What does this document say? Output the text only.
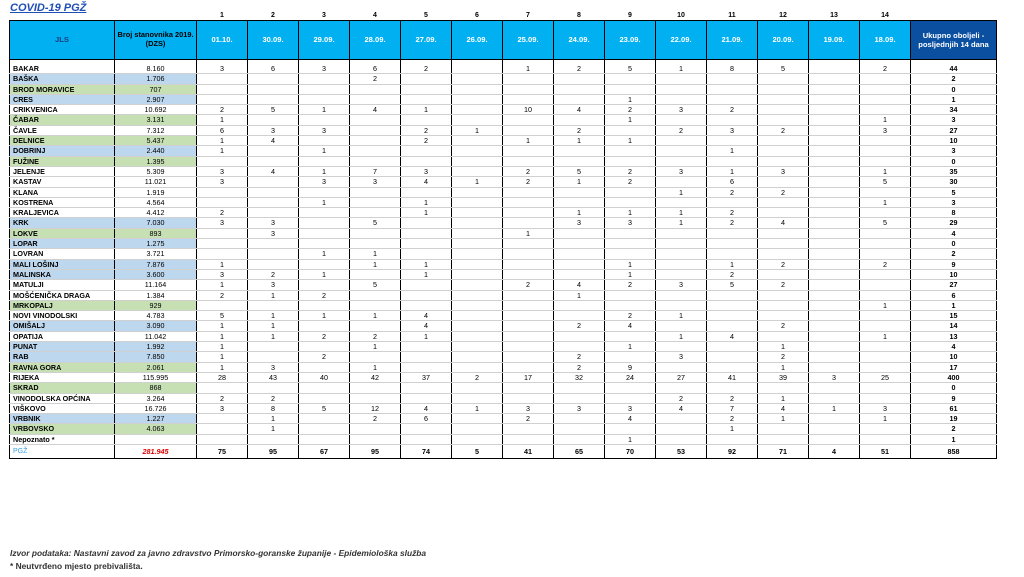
COVID-19 PGŽ
		1	2	3	4	5	6	7	8	9	10	11	12	13	14	
JLS	Broj stanovnika 2019. (DZS)	01.10.	30.09.	29.09.	28.09.	27.09.	26.09.	25.09.	24.09.	23.09.	22.09.	21.09.	20.09.	19.09.	18.09.	Ukupno oboljeli - posljednjih 14 dana

BAKAR	8.160	3	6	3	6	2		1	2	5	1	8	5		2	44
BAŠKA	1.706				2											2
BROD MORAVICE	707															0
CRES	2.907									1						1
CRIKVENICA	10.692	2	5	1	4	1		10	4	2	3	2				34
ČABAR	3.131	1								1					1	3
ČAVLE	7.312	6	3	3		2	1		2		2	3	2		3	27
DELNICE	5.437	1	4			2		1	1	1						10
DOBRINJ	2.440	1		1								1				3
FUŽINE	1.395															0
JELENJE	5.309	3	4	1	7	3		2	5	2	3	1	3		1	35
KASTAV	11.021	3		3	3	4	1	2	1	2		6			5	30
KLANA	1.919										1	2	2			5
KOSTRENA	4.564			1		1									1	3
KRALJEVICA	4.412	2				1			1	1	1	2				8
KRK	7.030	3	3		5				3	3	1	2	4		5	29
LOKVE	893		3					1								4
LOPAR	1.275															0
LOVRAN	3.721			1	1											2
MALI LOŠINJ	7.876	1			1	1				1		1	2		2	9
MALINSKA	3.600	3	2	1		1				1		2				10
MATULJI	11.164	1	3		5			2	4	2	3	5	2			27
MOŠĆENIČKA DRAGA	1.384	2	1	2					1							6
MRKOPALJ	929														1	1
NOVI VINODOLSKI	4.783	5	1	1	1	4				2	1					15
OMIŠALJ	3.090	1	1			4			2	4			2			14
OPATIJA	11.042	1	1	2	2	1					1	4			1	13
PUNAT	1.992	1			1					1			1			4
RAB	7.850	1		2					2		3		2			10
RAVNA GORA	2.061	1	3		1				2	9			1			17
RIJEKA	115.995	28	43	40	42	37	2	17	32	24	27	41	39	3	25	400
SKRAD	868															0
VINODOLSKA OPĆINA	3.264	2	2								2	2	1			9
VIŠKOVO	16.726	3	8	5	12	4	1	3	3	3	4	7	4	1	3	61
VRBNIK	1.227		1		2	6		2		4		2	1		1	19
VRBOVSKO	4.063		1									1				2
Nepoznato *										1						1
PGŽ	281.945	75	95	67	95	74	5	41	65	70	53	92	71	4	51	858
Izvor podataka: Nastavni zavod za javno zdravstvo Primorsko-goranske županije - Epidemiološka služba
* Neutvrđeno mjesto prebivališta.
